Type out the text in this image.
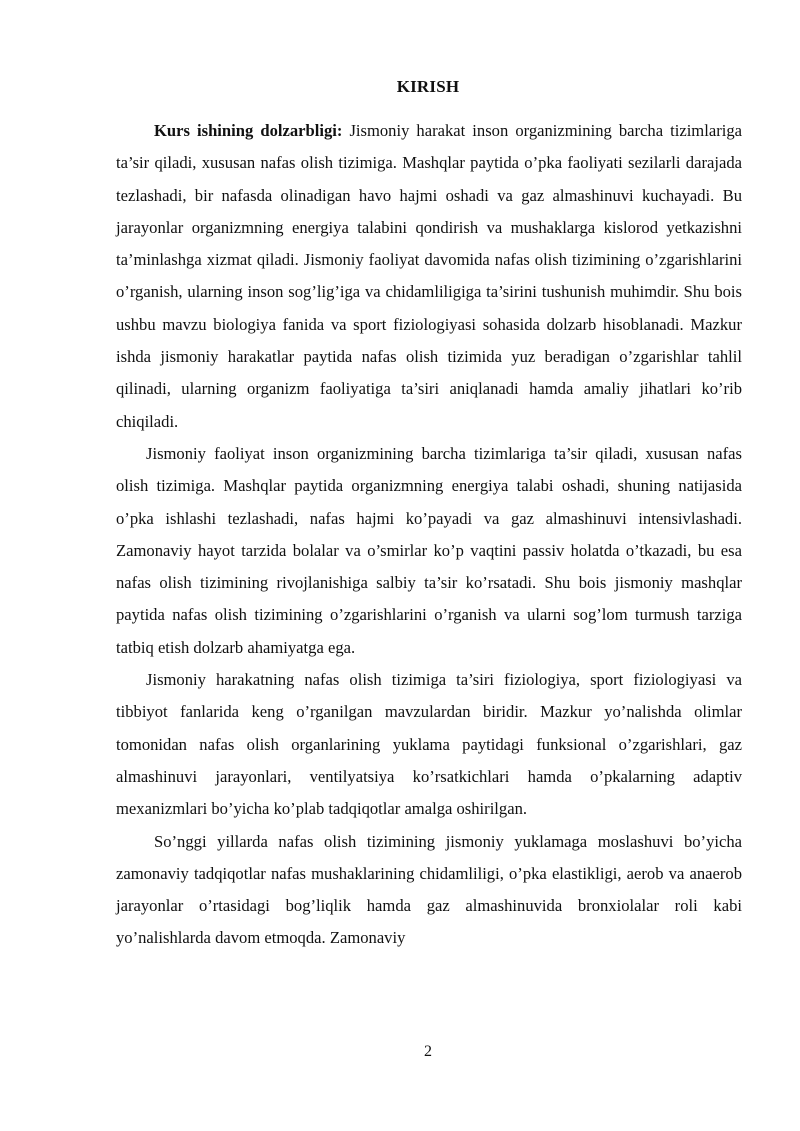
KIRISH

Kurs ishining dolzarbligi: Jismoniy harakat inson organizmining barcha tizimlariga ta’sir qiladi, xususan nafas olish tizimiga. Mashqlar paytida o’pka faoliyati sezilarli darajada tezlashadi, bir nafasda olinadigan havo hajmi oshadi va gaz almashinuvi kuchayadi. Bu jarayonlar organizmning energiya talabini qondirish va mushaklarga kislorod yetkazishni ta’minlashga xizmat qiladi. Jismoniy faoliyat davomida nafas olish tizimining o’zgarishlarini o’rganish, ularning inson sog’lig’iga va chidamliligiga ta’sirini tushunish muhimdir. Shu bois ushbu mavzu biologiya fanida va sport fiziologiyasi sohasida dolzarb hisoblanadi. Mazkur ishda jismoniy harakatlar paytida nafas olish tizimida yuz beradigan o’zgarishlar tahlil qilinadi, ularning organizm faoliyatiga ta’siri aniqlanadi hamda amaliy jihatlari ko’rib chiqiladi.

Jismoniy faoliyat inson organizmining barcha tizimlariga ta’sir qiladi, xususan nafas olish tizimiga. Mashqlar paytida organizmning energiya talabi oshadi, shuning natijasida o’pka ishlashi tezlashadi, nafas hajmi ko’payadi va gaz almashinuvi intensivlashadi. Zamonaviy hayot tarzida bolalar va o’smirlar ko’p vaqtini passiv holatda o’tkazadi, bu esa nafas olish tizimining rivojlanishiga salbiy ta’sir ko’rsatadi. Shu bois jismoniy mashqlar paytida nafas olish tizimining o’zgarishlarini o’rganish va ularni sog’lom turmush tarziga tatbiq etish dolzarb ahamiyatga ega.

Jismoniy harakatning nafas olish tizimiga ta’siri fiziologiya, sport fiziologiyasi va tibbiyot fanlarida keng o’rganilgan mavzulardan biridir. Mazkur yo’nalishda olimlar tomonidan nafas olish organlarining yuklama paytidagi funksional o’zgarishlari, gaz almashinuvi jarayonlari, ventilyatsiya ko’rsatkichlari hamda o’pkalarning adaptiv mexanizmlari bo’yicha ko’plab tadqiqotlar amalga oshirilgan.

So’nggi yillarda nafas olish tizimining jismoniy yuklamaga moslashuvi bo’yicha zamonaviy tadqiqotlar nafas mushaklarining chidamliligi, o’pka elastikligi, aerob va anaerob jarayonlar o’rtasidagi bog’liqlik hamda gaz almashinuvida bronxiolalar roli kabi yo’nalishlarda davom etmoqda. Zamonaviy

2
